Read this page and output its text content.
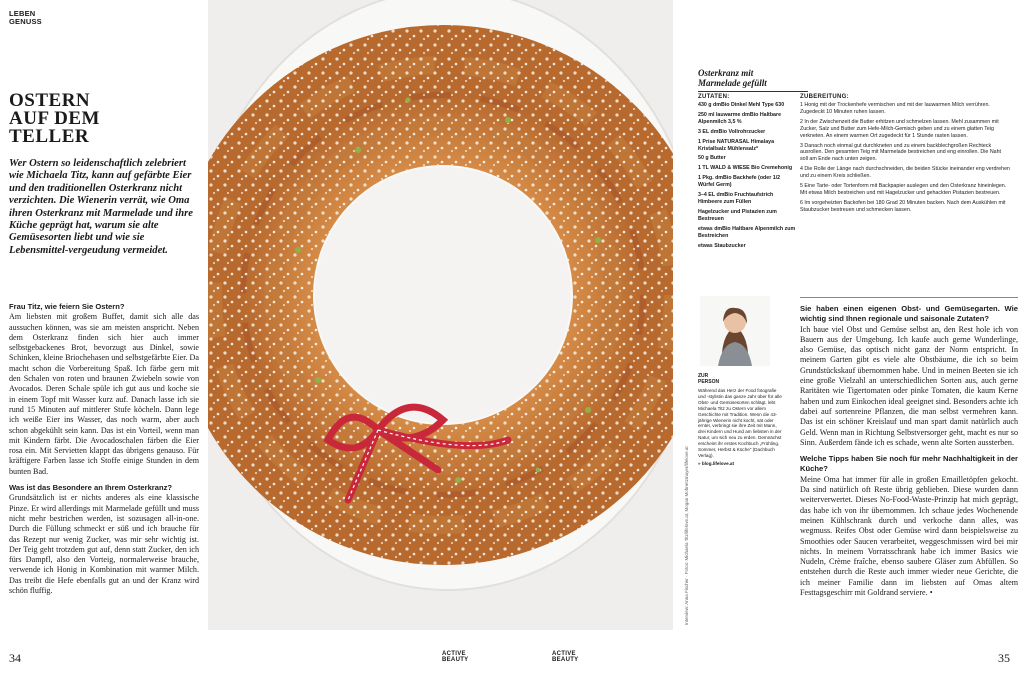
LEBEN
GENUSS
OSTERN
AUF DEM
TELLER

Wer Ostern so leidenschaftlich zelebriert wie Michaela Titz, kann auf gefärbte Eier und den traditionellen Osterkranz nicht verzichten. Die Wienerin verrät, wie Oma ihren Osterkranz mit Marmelade und ihre Küche geprägt hat, warum sie alte Gemüsesorten liebt und wie sie Lebensmittel-vergeudung vermeidet.

Frau Titz, wie feiern Sie Ostern?

Am liebsten mit großem Buffet, damit sich alle das aussuchen können, was sie am meisten anspricht. Neben dem Osterkranz finden sich hier auch immer selbstgebackenes Brot, bevorzugt aus Dinkel, sowie Schinken, kleine Briochehasen und selbstgefärbte Eier. Da macht schon die Vorbereitung Spaß. Ich färbe gern mit den Schalen von roten und braunen Zwiebeln sowie von Avocados. Deren Schale spüle ich gut aus und koche sie in einem Topf mit Wasser kurz auf. Danach lasse ich sie rund 15 Minuten auf mittlerer Stufe köcheln. Dann lege ich weiße Eier ins Wasser, das noch warm, aber auch schon abgekühlt sein kann. Das ist ein Vorteil, wenn man mit Kindern färbt. Die Avocadoschalen färben die Eier rosa ein. Mit Servietten klappt das übrigens genauso. Für kräftigere Farben lasse ich Stoffe einige Stunden in dem bunten Bad.

Was ist das Besondere an Ihrem Osterkranz?

Grundsätzlich ist er nichts anderes als eine klassische Pinze. Er wird allerdings mit Marmelade gefüllt und muss nicht mehr bestrichen werden, ist sozusagen all-in-one. Durch die Füllung schmeckt er süß und ich brauche für das Rezept nur wenig Zucker, was mir sehr wichtig ist. Der Teig geht trotzdem gut auf, denn statt Zucker, den ich fürs Dampfl, also den Vorteig, normalerweise brauche, verwende ich Honig in Kombination mit warmer Milch. Das treibt die Hefe ebenfalls gut an und der Kranz wird schön fluffig.

34	ACTIVE
BEAUTY
Interview: Anna Fischer · Fotos: Michaela Titz/lifelove.at, Mogan Mohnetzmayer/lifelove.at
Osterkranz mit
Marmelade gefüllt
ZUTATEN:

430 g dmBio Dinkel Mehl Type 630

250 ml lauwarme dmBio Haltbare Alpenmilch 3,5 %

3 EL dmBio Vollrohrzucker

1 Prise NATURASAL Himalaya Kristallsalz Mühlensalz*

50 g Butter

1 TL WALD & WIESE Bio Cremehonig

1 Pkg. dmBio Backhefe (oder 1/2 Würfel Germ)

3–4 EL dmBio Fruchtaufstrich Himbeere zum Füllen

Hagelzucker und Pistazien zum Bestreuen

etwas dmBio Haltbare Alpenmilch zum Bestreichen

etwas Staubzucker

ZUBEREITUNG:

1 Honig mit der Trockenhefe vermischen und mit der lauwarmen Milch verrühren. Zugedeckt 10 Minuten ruhen lassen.

2 In der Zwischenzeit die Butter erhitzen und schmelzen lassen. Mehl zusammen mit Zucker, Salz und Butter zum Hefe-Milch-Gemisch geben und zu einem glatten Teig verkneten. An einem warmen Ort zugedeckt für 1 Stunde rasten lassen.

3 Danach noch einmal gut durchkneten und zu einem backblechgroßen Rechteck ausrollen. Den gesamten Teig mit Marmelade bestreichen und eng einrollen. Die Naht soll am Ende nach unten zeigen.

4 Die Rolle der Länge nach durchschneiden, die beiden Stücke ineinander eng verdrehen und zu einem Kreis schließen.

5 Eine Tarte- oder Tortenform mit Backpapier auslegen und den Osterkranz hineinlegen. Mit etwas Milch bestreichen und mit Hagelzucker und gehackten Pistazien bestreuen.

6 Im vorgeheizten Backofen bei 180 Grad 20 Minuten backen. Nach dem Auskühlen mit Staubzucker bestreuen und schmecken lassen.

ZUR
PERSON
Während das Herz der Food fotografie und -stylistin das ganze Jahr über für alle Obst- und Gemüsesorten schlägt, lebt Michaela Titz zu Ostern vor allem Geschichte mit Tradition. Wenn die 43-jährige Wienerin nicht kocht, sät oder erntet, verbringt sie ihre Zeit mit Mann, drei Kindern und Hund am liebsten in der Natur, um sich neu zu erden. Demnächst erscheint ihr erstes Kochbuch „Frühling, Sommer, Herbst & Küche“ (Dachbuch Verlag).
» blog.lifelove.at

Sie haben einen eigenen Obst- und Gemüsegarten. Wie wichtig sind Ihnen regionale und saisonale Zutaten?

Ich baue viel Obst und Gemüse selbst an, den Rest hole ich von Bauern aus der Umgebung. Ich kaufe auch gerne Wunderlinge, also Gemüse, das optisch nicht ganz der Norm entspricht. In meinem Garten gibt es viele alte Obstbäume, die ich so beim Grundstückskauf übernommen habe. Und in meinen Beeten sie ich eine große Vielzahl an unterschiedlichen Sorten aus, auch gerne Raritäten wie Tigertomaten oder pinke Tomaten, die kaum Kerne haben und zum Einkochen ideal geeignet sind. Besonders achte ich dabei auf sortenreine Pflanzen, die man selbst vermehren kann. Das ist ein schöner Kreislauf und man spart damit natürlich auch Geld. Wenn man in Richtung Selbstversorger geht, macht es nur so Sinn. Außerdem fände ich es schade, wenn alte Sorten aussterben.

Welche Tipps haben Sie noch für mehr Nachhaltigkeit in der Küche?

Meine Oma hat immer für alle in großen Emailletöpfen gekocht. Da sind natürlich oft Reste übrig geblieben. Diese wurden dann weiterverwertet. Dieses No-Food-Waste-Prinzip hat mich geprägt, das habe ich von ihr übernommen. Ich schaue jedes Wochenende meinen Kühlschrank durch und verkoche dann alles, was wegmuss. Reifes Obst oder Gemüse wird dann beispielsweise zu Smoothies oder Saucen verarbeitet, weggeschmissen wird bei mir nichts. In meinem Vorratsschrank habe ich immer Basics wie Nudeln, Crème fraîche, ebenso saubere Gläser zum Abfüllen. So entstehen durch die Reste auch immer wieder neue Gerichte, die ich meiner Familie dann im liebsten auf Omas altem Festtagsgeschirr mit Goldrand serviere. •

ACTIVE
BEAUTY	35
